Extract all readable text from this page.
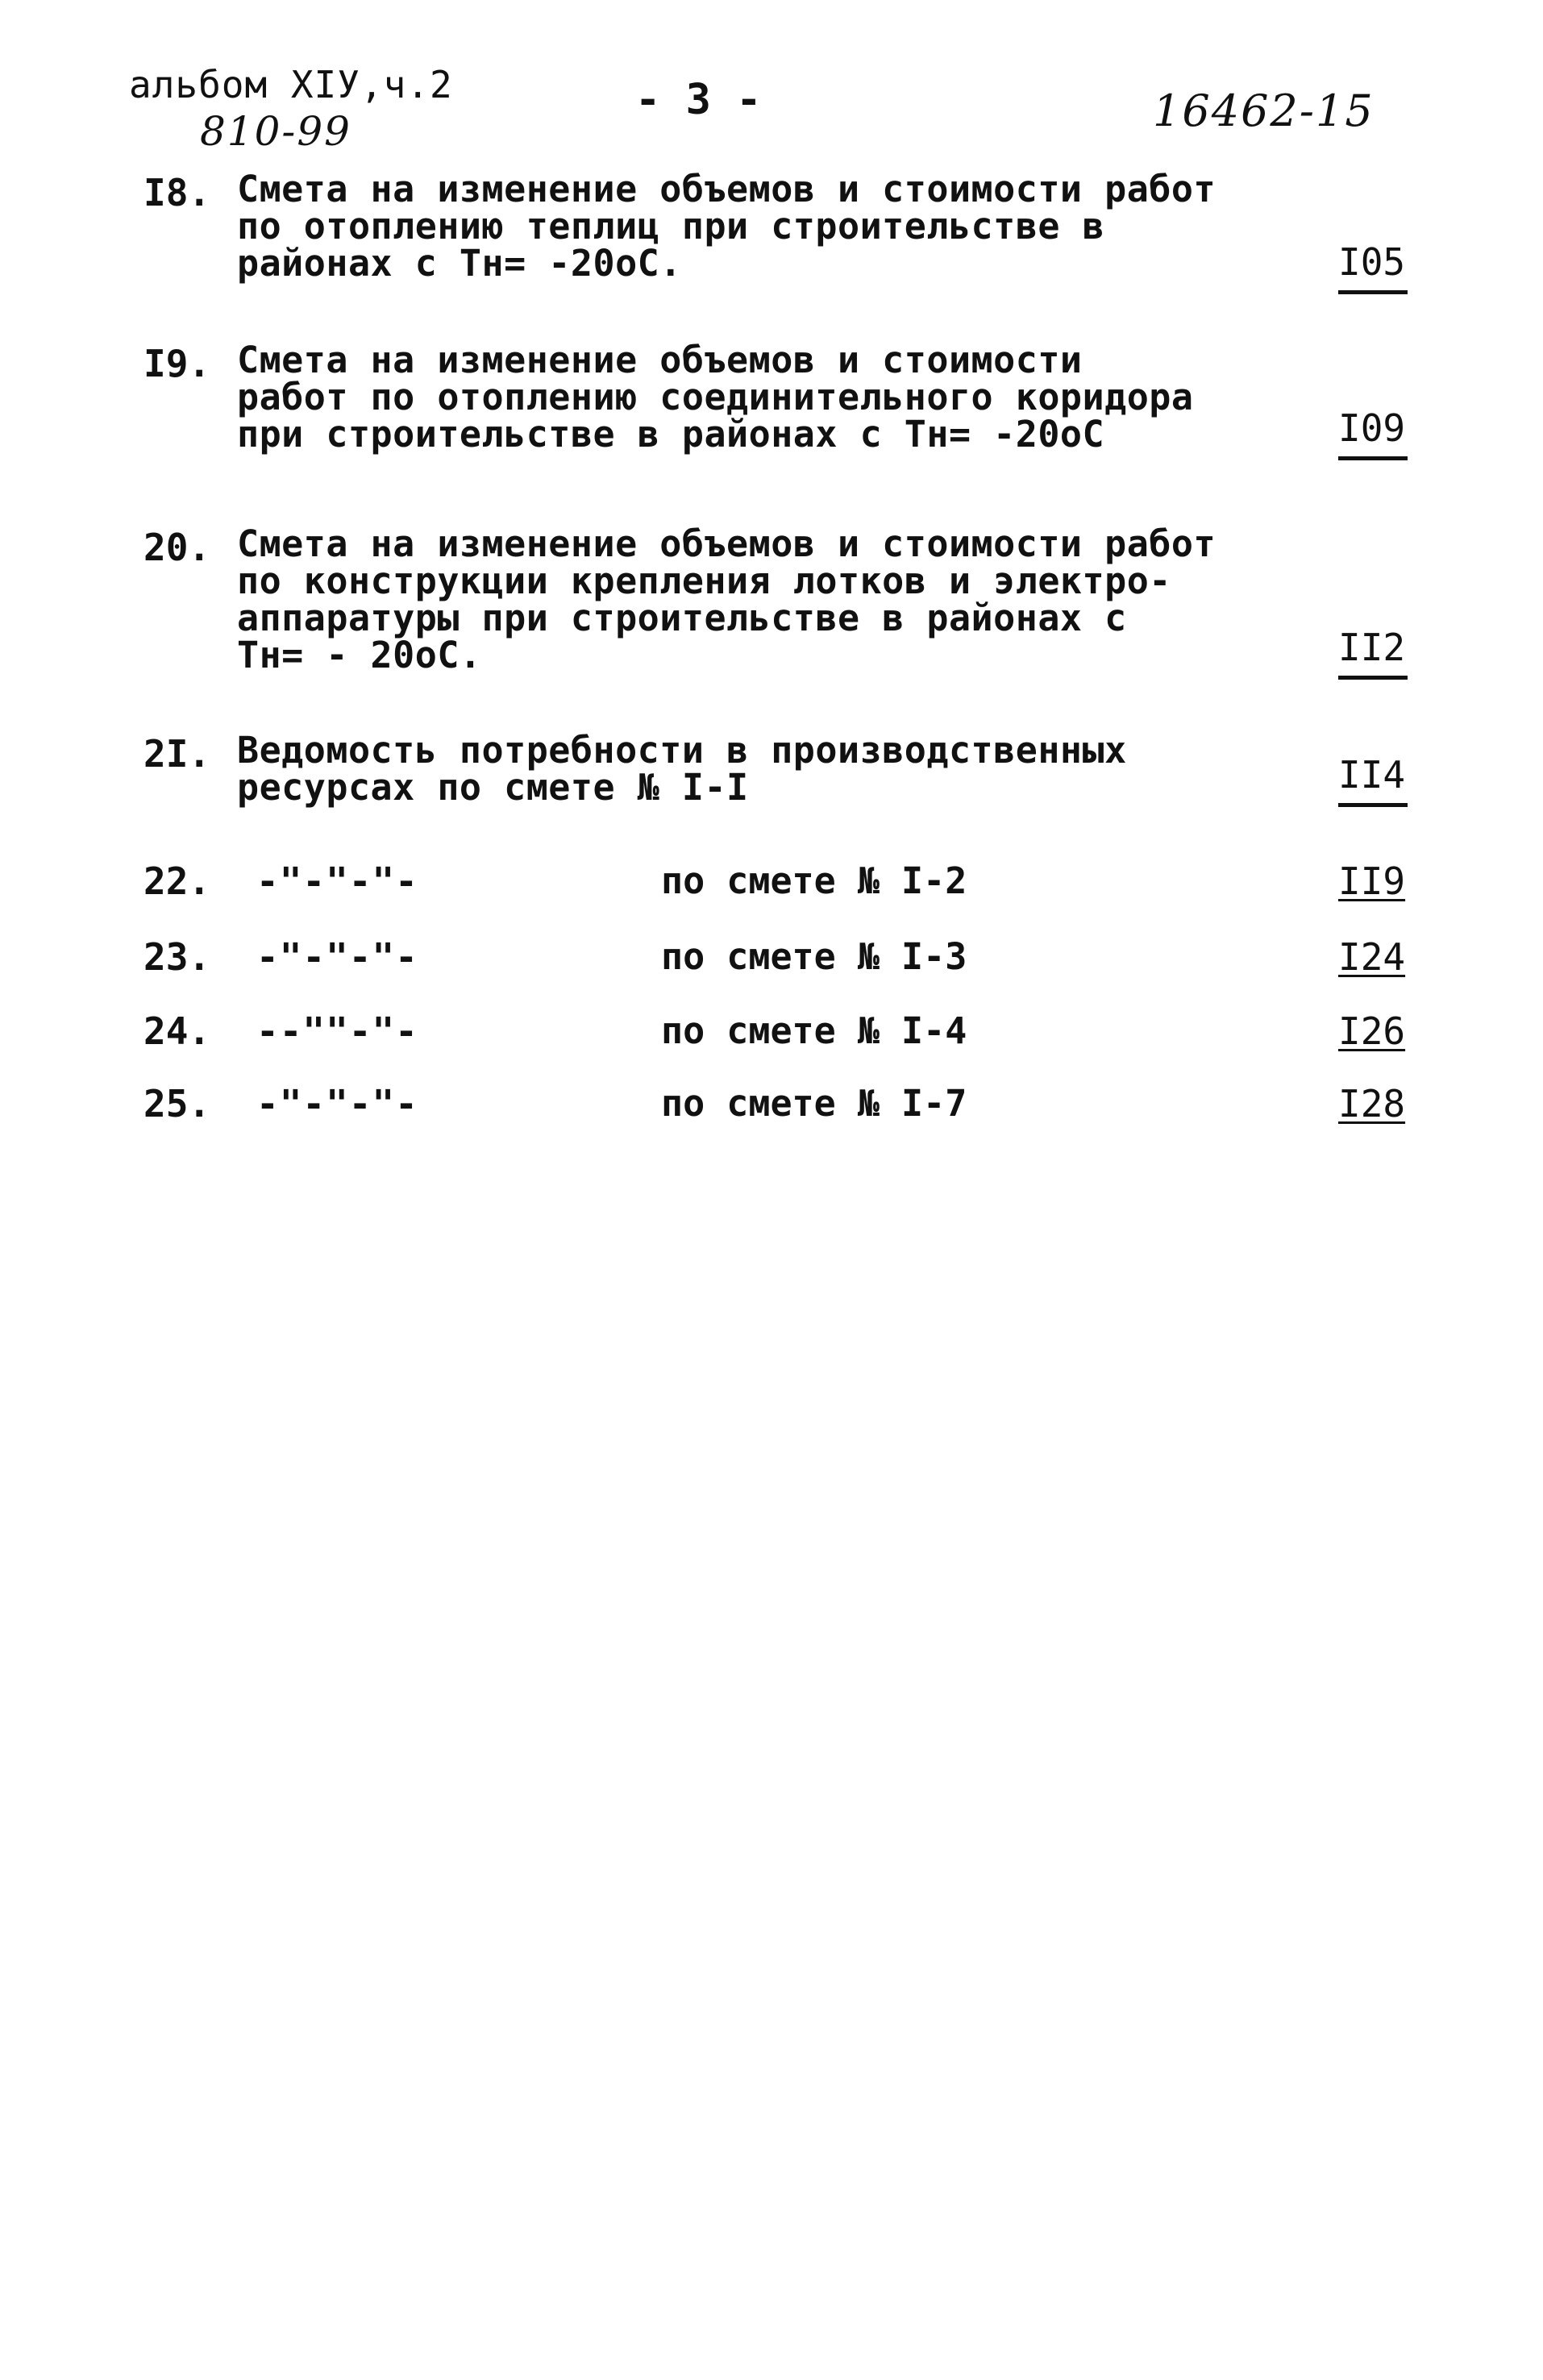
альбом XIУ,ч.2
810-99
- 3 -	16462-15
I8. Смета на изменение объемов и стоимости работ
по отоплению теплиц при строительстве в
районах с Тн= -20оС.	I05
I9. Смета на изменение объемов и стоимости
работ по отоплению соединительного коридора
при строительстве в районах с Тн= -20оС	I09
20. Смета на изменение объемов и стоимости работ
по конструкции крепления лотков и электро-
аппаратуры при строительстве в районах с
Тн= - 20оС.	II2
2I. Ведомость потребности в производственных
ресурсах по смете № I-I	II4
22. -"-"-"-	по смете № I-2	II9
23. -"-"-"-	по смете № I-3	I24
24. --""-"-	по смете № I-4	I26
25. -"-"-"-	по смете № I-7	I28
